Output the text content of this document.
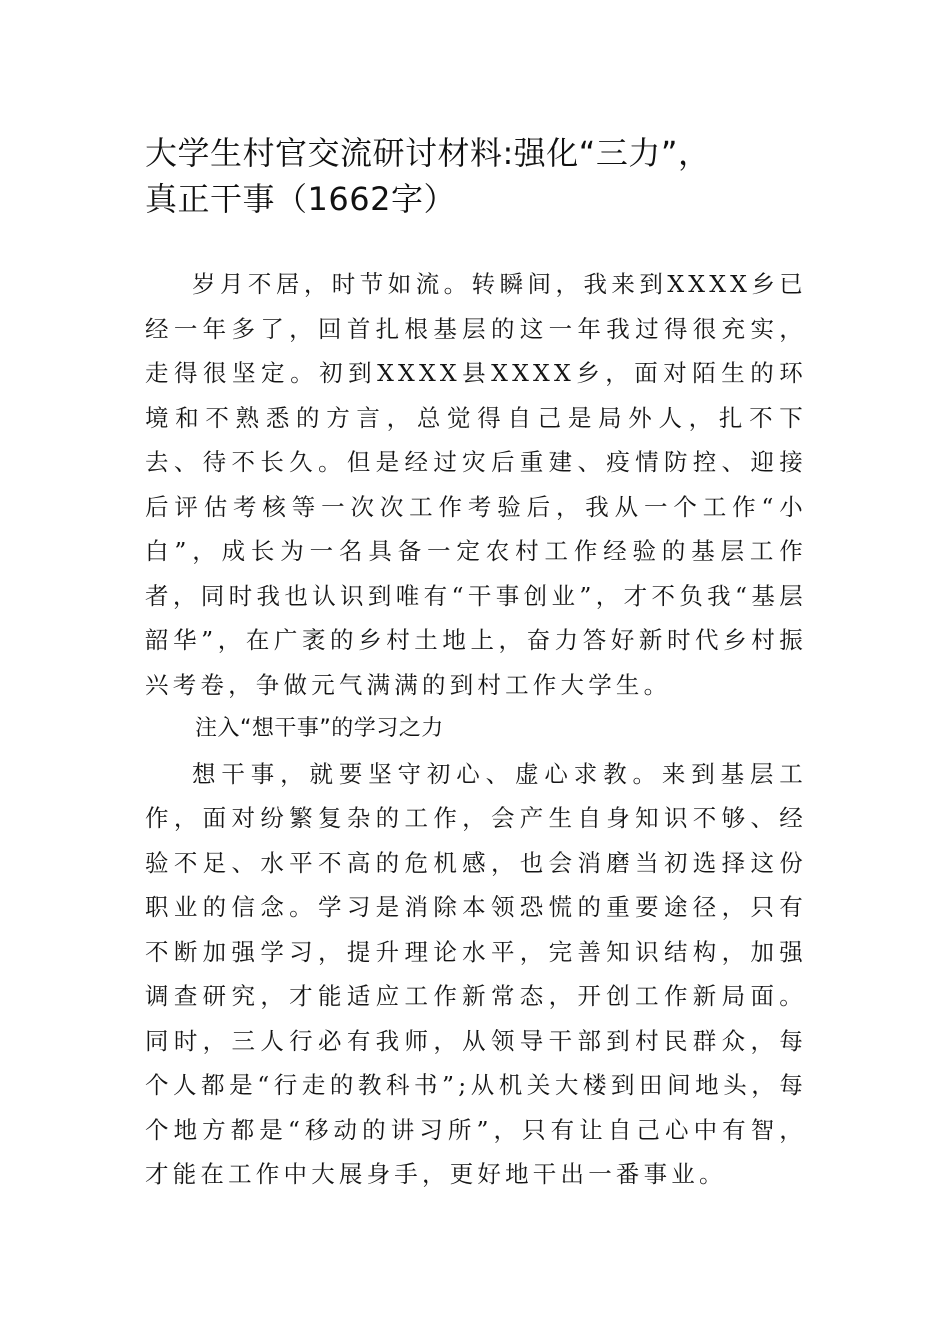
大学生村官交流研讨材料:强化“三力”，
真正干事（1662字）

岁月不居，时节如流。转瞬间，我来到XXXX乡已经一年多了，回首扎根基层的这一年我过得很充实，走得很坚定。初到XXXX县XXXX乡，面对陌生的环境和不熟悉的方言，总觉得自己是局外人，扎不下去、待不长久。但是经过灾后重建、疫情防控、迎接后评估考核等一次次工作考验后，我从一个工作“小白”，成长为一名具备一定农村工作经验的基层工作者，同时我也认识到唯有“干事创业”，才不负我“基层韶华”，在广袤的乡村土地上，奋力答好新时代乡村振兴考卷，争做元气满满的到村工作大学生。

注入“想干事”的学习之力

想干事，就要坚守初心、虚心求教。来到基层工作，面对纷繁复杂的工作，会产生自身知识不够、经验不足、水平不高的危机感，也会消磨当初选择这份职业的信念。学习是消除本领恐慌的重要途径，只有不断加强学习，提升理论水平，完善知识结构，加强调查研究，才能适应工作新常态，开创工作新局面。同时，三人行必有我师，从领导干部到村民群众，每个人都是“行走的教科书”;从机关大楼到田间地头，每个地方都是“移动的讲习所”，只有让自己心中有智，才能在工作中大展身手，更好地干出一番事业。
